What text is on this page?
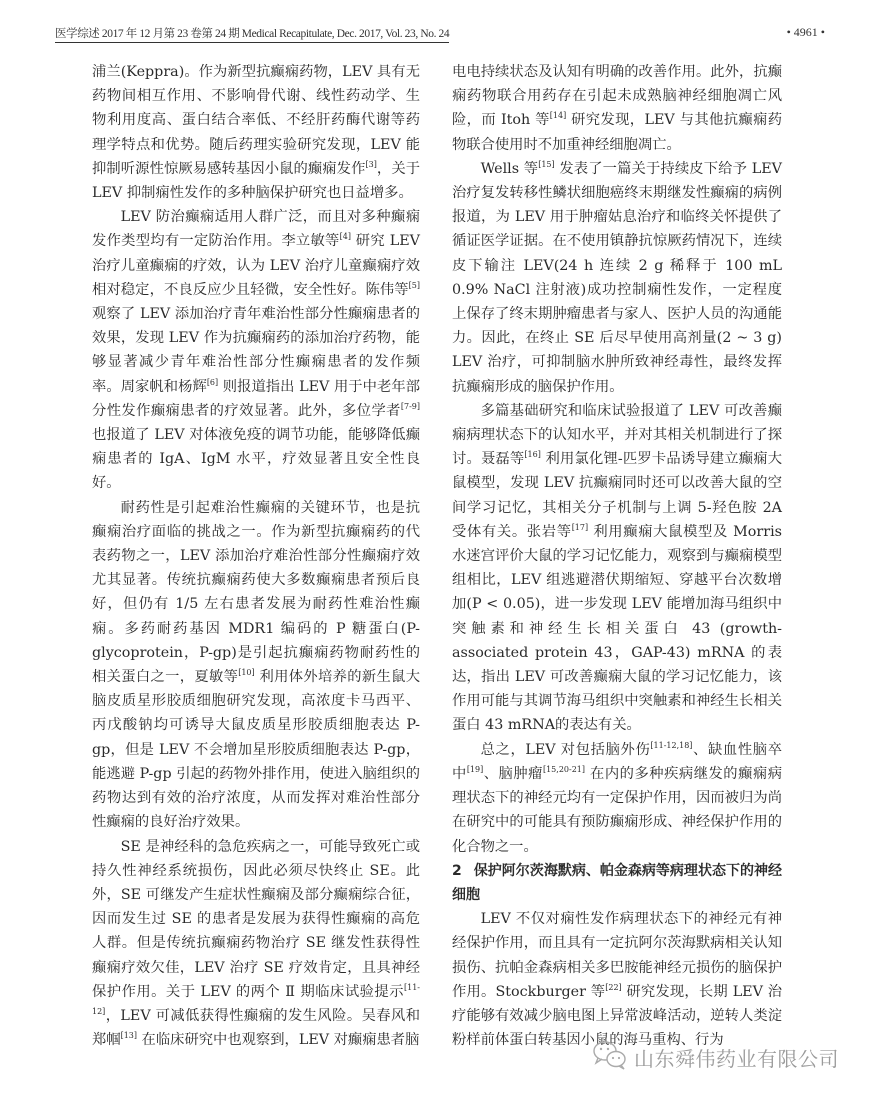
医学综述 2017 年 12 月第 23 卷第 24 期 Medical Recapitulate, Dec. 2017, Vol. 23, No. 24	• 4961 •

浦兰(Keppra)。作为新型抗癫痫药物，LEV 具有无药物间相互作用、不影响骨代谢、线性药动学、生物利用度高、蛋白结合率低、不经肝药酶代谢等药理学特点和优势。随后药理实验研究发现，LEV 能抑制听源性惊厥易感转基因小鼠的癫痫发作[3]，关于 LEV 抑制痫性发作的多种脑保护研究也日益增多。

LEV 防治癫痫适用人群广泛，而且对多种癫痫发作类型均有一定防治作用。李立敏等[4] 研究 LEV 治疗儿童癫痫的疗效，认为 LEV 治疗儿童癫痫疗效相对稳定，不良反应少且轻微，安全性好。陈伟等[5] 观察了 LEV 添加治疗青年难治性部分性癫痫患者的效果，发现 LEV 作为抗癫痫药的添加治疗药物，能够显著减少青年难治性部分性癫痫患者的发作频率。周家帆和杨辉[6] 则报道指出 LEV 用于中老年部分性发作癫痫患者的疗效显著。此外，多位学者[7-9] 也报道了 LEV 对体液免疫的调节功能，能够降低癫痫患者的 IgA、IgM 水平，疗效显著且安全性良好。

耐药性是引起难治性癫痫的关键环节，也是抗癫痫治疗面临的挑战之一。作为新型抗癫痫药的代表药物之一，LEV 添加治疗难治性部分性癫痫疗效尤其显著。传统抗癫痫药使大多数癫痫患者预后良好，但仍有 1/5 左右患者发展为耐药性难治性癫痫。多药耐药基因 MDR1 编码的 P 糖蛋白(P-glycoprotein，P-gp)是引起抗癫痫药物耐药性的相关蛋白之一，夏敏等[10] 利用体外培养的新生鼠大脑皮质星形胶质细胞研究发现，高浓度卡马西平、丙戊酸钠均可诱导大鼠皮质星形胶质细胞表达 P-gp，但是 LEV 不会增加星形胶质细胞表达 P-gp，能逃避 P-gp 引起的药物外排作用，使进入脑组织的药物达到有效的治疗浓度，从而发挥对难治性部分性癫痫的良好治疗效果。

SE 是神经科的急危疾病之一，可能导致死亡或持久性神经系统损伤，因此必须尽快终止 SE。此外，SE 可继发产生症状性癫痫及部分癫痫综合征，因而发生过 SE 的患者是发展为获得性癫痫的高危人群。但是传统抗癫痫药物治疗 SE 继发性获得性癫痫疗效欠佳，LEV 治疗 SE 疗效肯定，且具神经保护作用。关于 LEV 的两个 Ⅱ 期临床试验提示[11-12]，LEV 可减低获得性癫痫的发生风险。吴春风和郑帼[13] 在临床研究中也观察到，LEV 对癫痫患者脑

电电持续状态及认知有明确的改善作用。此外，抗癫痫药物联合用药存在引起未成熟脑神经细胞凋亡风险，而 Itoh 等[14] 研究发现，LEV 与其他抗癫痫药物联合使用时不加重神经细胞凋亡。

Wells 等[15] 发表了一篇关于持续皮下给予 LEV 治疗复发转移性鳞状细胞癌终末期继发性癫痫的病例报道，为 LEV 用于肿瘤姑息治疗和临终关怀提供了循证医学证据。在不使用镇静抗惊厥药情况下，连续皮下输注 LEV(24 h 连续 2 g 稀释于 100 mL 0.9% NaCl 注射液)成功控制痫性发作，一定程度上保存了终末期肿瘤患者与家人、医护人员的沟通能力。因此，在终止 SE 后尽早使用高剂量(2 ~ 3 g) LEV 治疗，可抑制脑水肿所致神经毒性，最终发挥抗癫痫形成的脑保护作用。

多篇基础研究和临床试验报道了 LEV 可改善癫痫病理状态下的认知水平，并对其相关机制进行了探讨。聂磊等[16] 利用氯化锂-匹罗卡品诱导建立癫痫大鼠模型，发现 LEV 抗癫痫同时还可以改善大鼠的空间学习记忆，其相关分子机制与上调 5-羟色胺 2A 受体有关。张岩等[17] 利用癫痫大鼠模型及 Morris 水迷宫评价大鼠的学习记忆能力，观察到与癫痫模型组相比，LEV 组逃避潜伏期缩短、穿越平台次数增加(P < 0.05)，进一步发现 LEV 能增加海马组织中突触素和神经生长相关蛋白 43 (growth-associated protein 43，GAP-43) mRNA 的表达，指出 LEV 可改善癫痫大鼠的学习记忆能力，该作用可能与其调节海马组织中突触素和神经生长相关蛋白 43 mRNA的表达有关。

总之，LEV 对包括脑外伤[11-12,18]、缺血性脑卒中[19]、脑肿瘤[15,20-21] 在内的多种疾病继发的癫痫病理状态下的神经元均有一定保护作用，因而被归为尚在研究中的可能具有预防癫痫形成、神经保护作用的化合物之一。

2 保护阿尔茨海默病、帕金森病等病理状态下的神经细胞

LEV 不仅对痫性发作病理状态下的神经元有神经保护作用，而且具有一定抗阿尔茨海默病相关认知损伤、抗帕金森病相关多巴胺能神经元损伤的脑保护作用。Stockburger 等[22] 研究发现，长期 LEV 治疗能够有效减少脑电图上异常波峰活动，逆转人类淀粉样前体蛋白转基因小鼠的海马重构、行为

山东舜伟药业有限公司
